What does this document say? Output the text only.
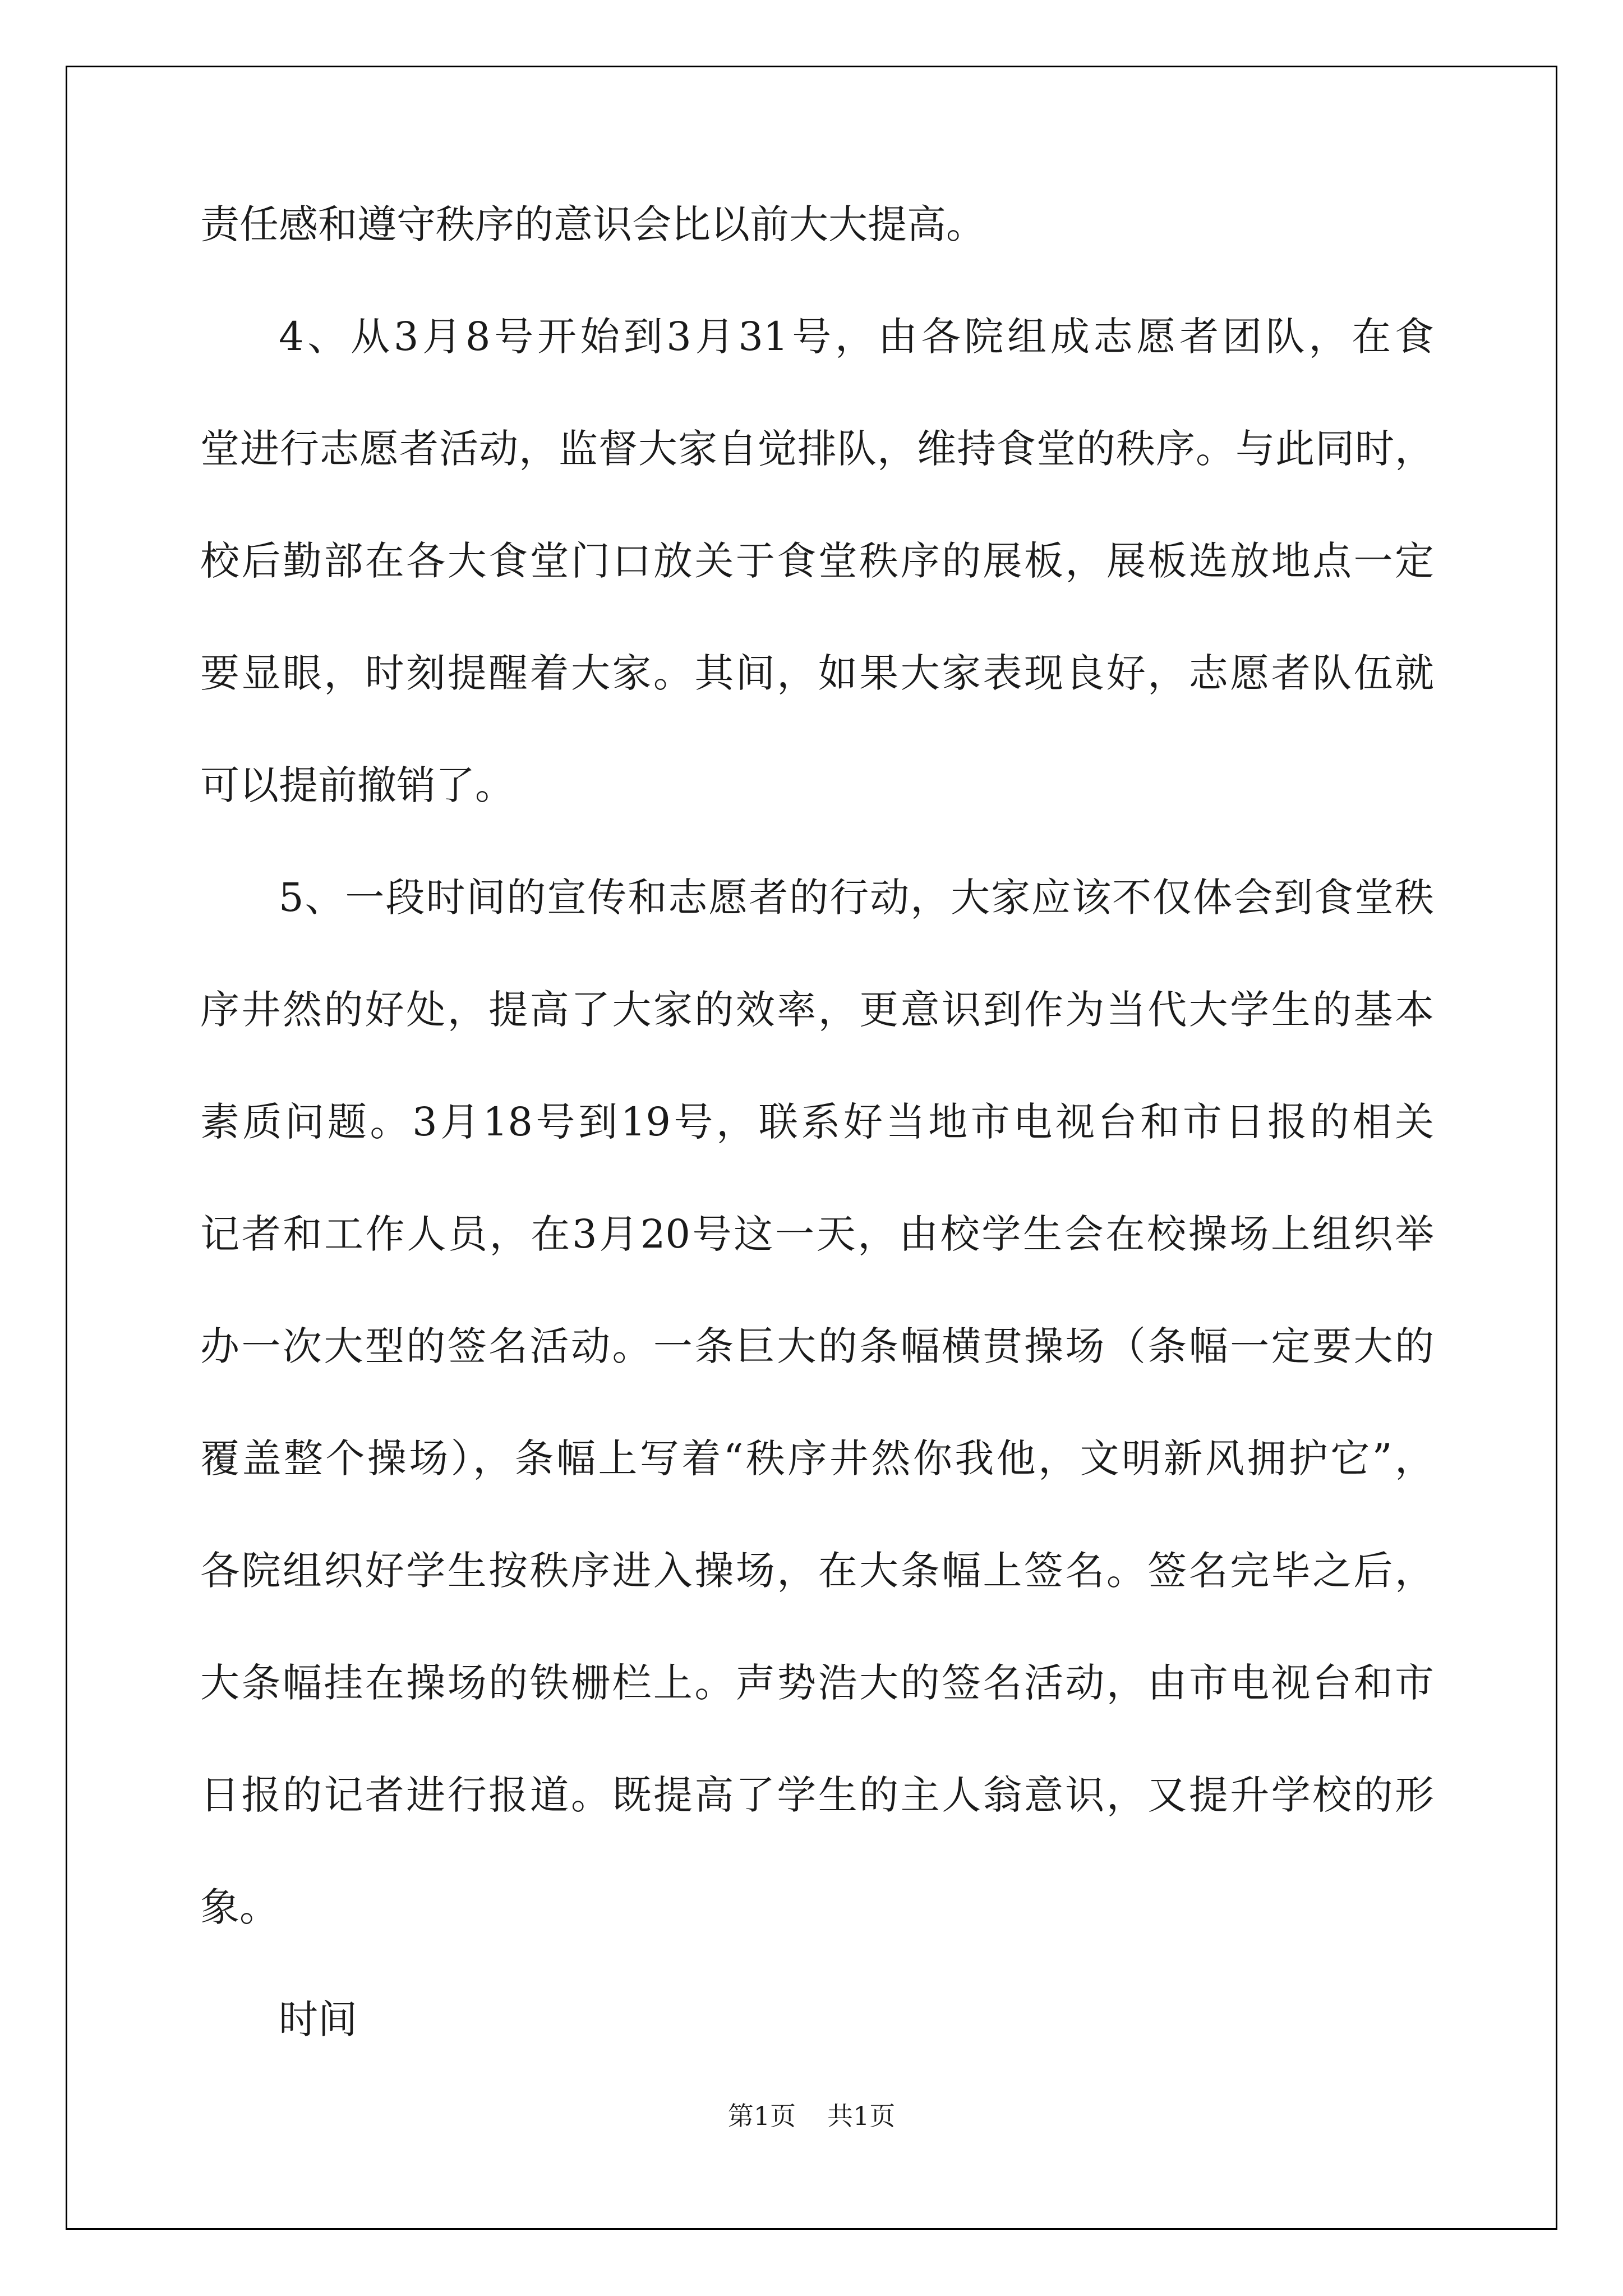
责任感和遵守秩序的意识会比以前大大提高。
4、从3月8号开始到3月31号，由各院组成志愿者团队，在食
堂进行志愿者活动，监督大家自觉排队，维持食堂的秩序。与此同时，
校后勤部在各大食堂门口放关于食堂秩序的展板，展板选放地点一定
要显眼，时刻提醒着大家。其间，如果大家表现良好，志愿者队伍就
可以提前撤销了。
5、一段时间的宣传和志愿者的行动，大家应该不仅体会到食堂秩
序井然的好处，提高了大家的效率，更意识到作为当代大学生的基本
素质问题。3月18号到19号，联系好当地市电视台和市日报的相关
记者和工作人员，在3月20号这一天，由校学生会在校操场上组织举
办一次大型的签名活动。一条巨大的条幅横贯操场（条幅一定要大的
覆盖整个操场），条幅上写着“秩序井然你我他，文明新风拥护它”，
各院组织好学生按秩序进入操场，在大条幅上签名。签名完毕之后，
大条幅挂在操场的铁栅栏上。声势浩大的签名活动，由市电视台和市
日报的记者进行报道。既提高了学生的主人翁意识，又提升学校的形
象。
时间
第1页 共1页
